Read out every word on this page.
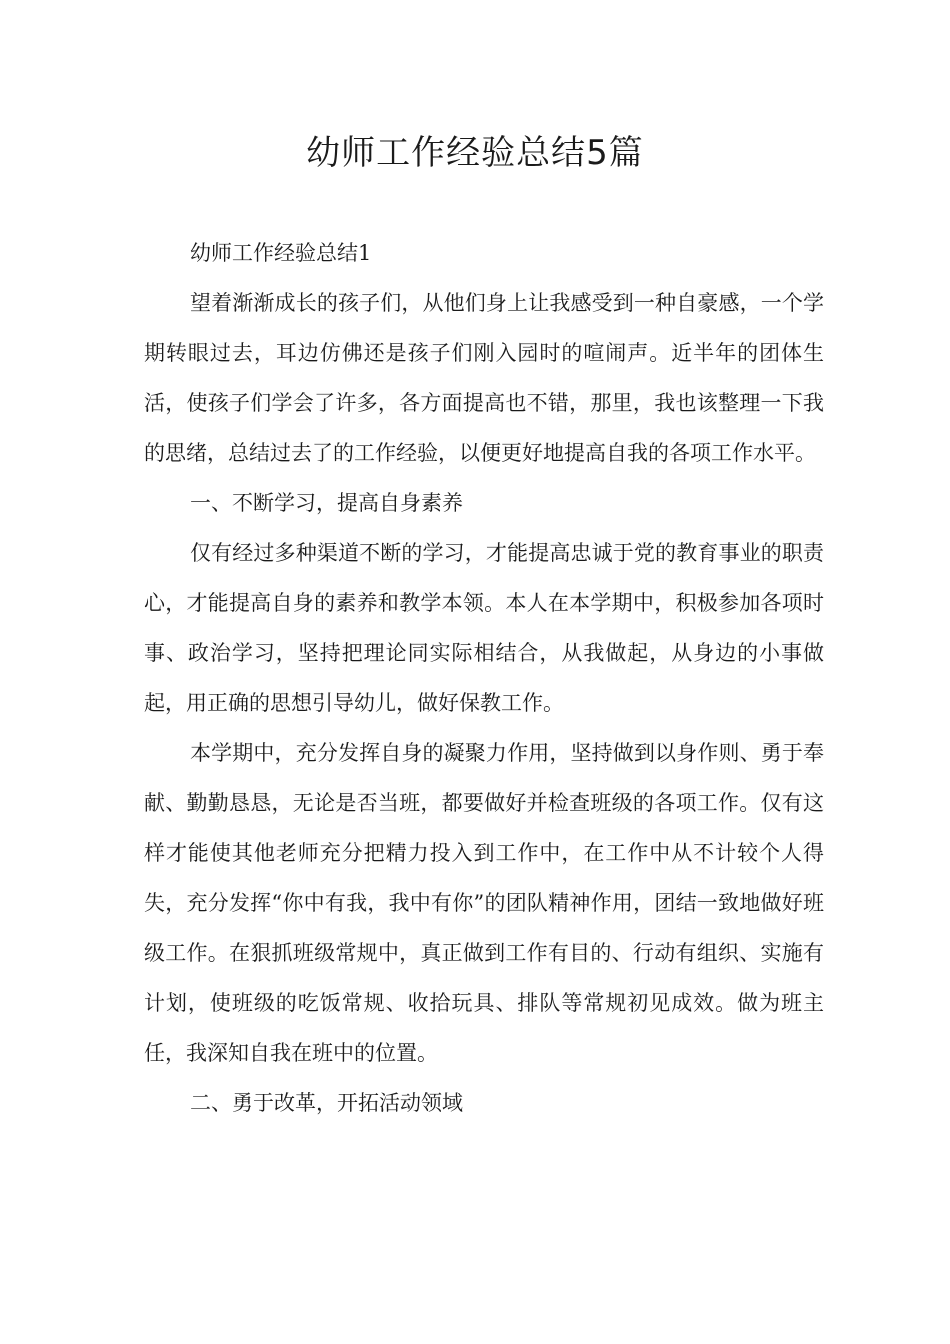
幼师工作经验总结5篇

幼师工作经验总结1

望着渐渐成长的孩子们，从他们身上让我感受到一种自豪感，一个学期转眼过去，耳边仿佛还是孩子们刚入园时的喧闹声。近半年的团体生活，使孩子们学会了许多，各方面提高也不错，那里，我也该整理一下我的思绪，总结过去了的工作经验，以便更好地提高自我的各项工作水平。

一、不断学习，提高自身素养

仅有经过多种渠道不断的学习，才能提高忠诚于党的教育事业的职责心，才能提高自身的素养和教学本领。本人在本学期中，积极参加各项时事、政治学习，坚持把理论同实际相结合，从我做起，从身边的小事做起，用正确的思想引导幼儿，做好保教工作。

本学期中，充分发挥自身的凝聚力作用，坚持做到以身作则、勇于奉献、勤勤恳恳，无论是否当班，都要做好并检查班级的各项工作。仅有这样才能使其他老师充分把精力投入到工作中，在工作中从不计较个人得失，充分发挥“你中有我，我中有你”的团队精神作用，团结一致地做好班级工作。在狠抓班级常规中，真正做到工作有目的、行动有组织、实施有计划，使班级的吃饭常规、收拾玩具、排队等常规初见成效。做为班主任，我深知自我在班中的位置。

二、勇于改革，开拓活动领域
